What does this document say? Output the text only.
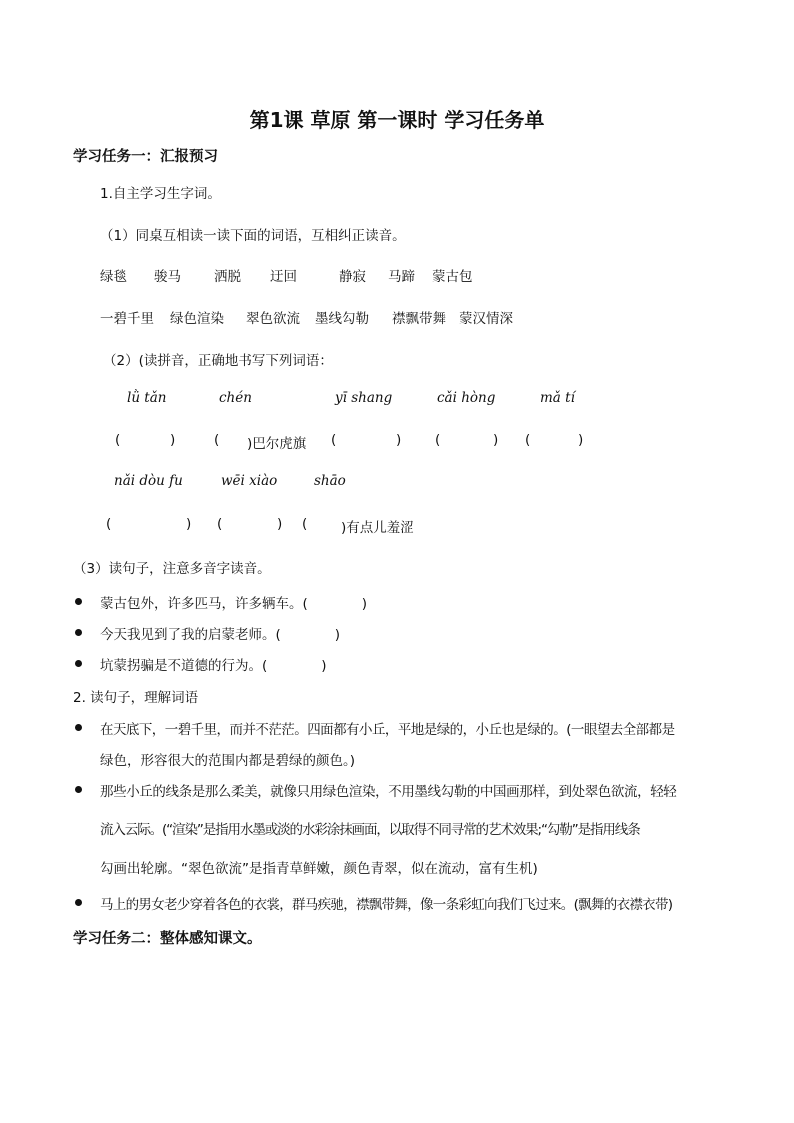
第1课 草原 第一课时 学习任务单
学习任务一：汇报预习
1.自主学习生字词。
（1）同桌互相读一读下面的词语，互相纠正读音。
绿毯 骏马 洒脱 迂回	静寂 马蹄 蒙古包
一碧千里 绿色渲染 翠色欲流 墨线勾勒 襟飘带舞 蒙汉情深
（2）(读拼音，正确地书写下列词语：
lǜ tǎn	chén	yī shang	cǎi hòng	mǎ tí
(	)	( )巴尔虎旗 (	) (	) (	)
nǎi dòu fu	wēi xiào	shāo
(	) (	) ( )有点儿羞涩
（3）读句子，注意多音字读音。
蒙古包外，许多匹马，许多辆车。(　　　　)
今天我见到了我的启蒙老师。(　　　　)
坑蒙拐骗是不道德的行为。(　　　　)
2. 读句子，理解词语
在天底下，一碧千里，而并不茫茫。四面都有小丘，平地是绿的，小丘也是绿的。(一眼望去全部都是
绿色，形容很大的范围内都是碧绿的颜色。)
那些小丘的线条是那么柔美，就像只用绿色渲染，不用墨线勾勒的中国画那样，到处翠色欲流，轻轻
流入云际。(“渲染”是指用水墨或淡的水彩涂抹画面，以取得不同寻常的艺术效果;“勾勒”是指用线条
勾画出轮廓。“翠色欲流”是指青草鲜嫩，颜色青翠，似在流动，富有生机)
马上的男女老少穿着各色的衣裳，群马疾驰，襟飘带舞，像一条彩虹向我们飞过来。(飘舞的衣襟衣带)
学习任务二：整体感知课文。
